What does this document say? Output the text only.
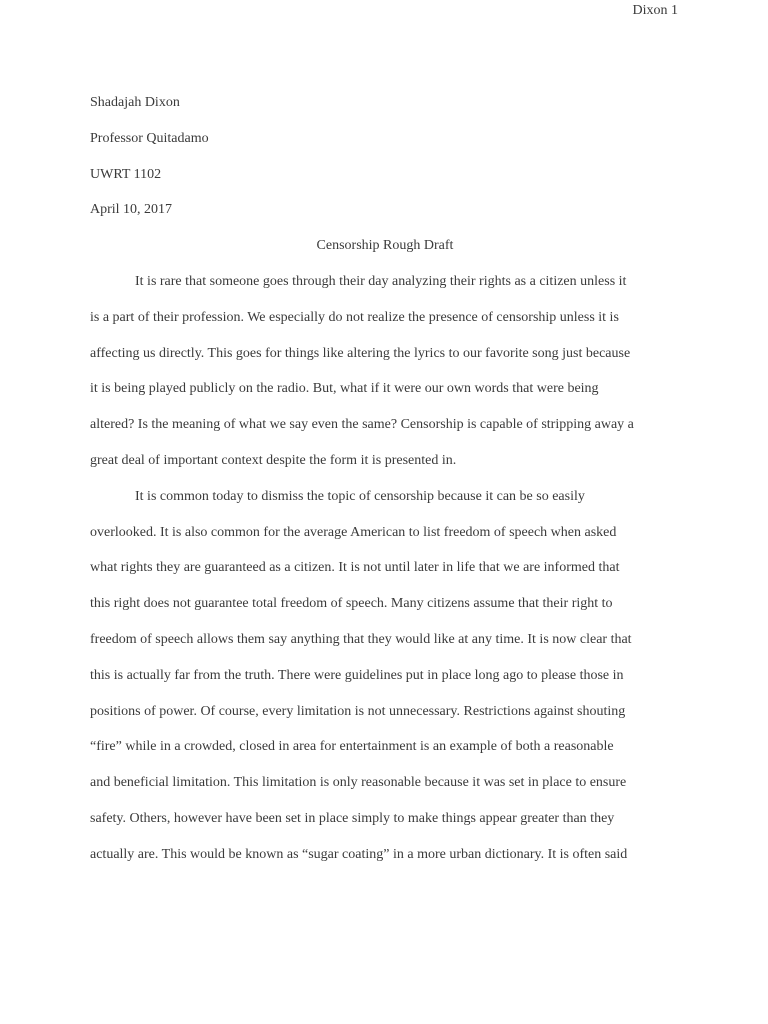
Dixon 1
Shadajah Dixon
Professor Quitadamo
UWRT 1102
April 10, 2017
Censorship Rough Draft
It is rare that someone goes through their day analyzing their rights as a citizen unless it
is a part of their profession. We especially do not realize the presence of censorship unless it is
affecting us directly. This goes for things like altering the lyrics to our favorite song just because
it is being played publicly on the radio. But, what if it were our own words that were being
altered? Is the meaning of what we say even the same? Censorship is capable of stripping away a
great deal of important context despite the form it is presented in.
It is common today to dismiss the topic of censorship because it can be so easily
overlooked. It is also common for the average American to list freedom of speech when asked
what rights they are guaranteed as a citizen. It is not until later in life that we are informed that
this right does not guarantee total freedom of speech. Many citizens assume that their right to
freedom of speech allows them say anything that they would like at any time. It is now clear that
this is actually far from the truth. There were guidelines put in place long ago to please those in
positions of power. Of course, every limitation is not unnecessary. Restrictions against shouting
“fire” while in a crowded, closed in area for entertainment is an example of both a reasonable
and beneficial limitation. This limitation is only reasonable because it was set in place to ensure
safety. Others, however have been set in place simply to make things appear greater than they
actually are. This would be known as “sugar coating” in a more urban dictionary. It is often said
